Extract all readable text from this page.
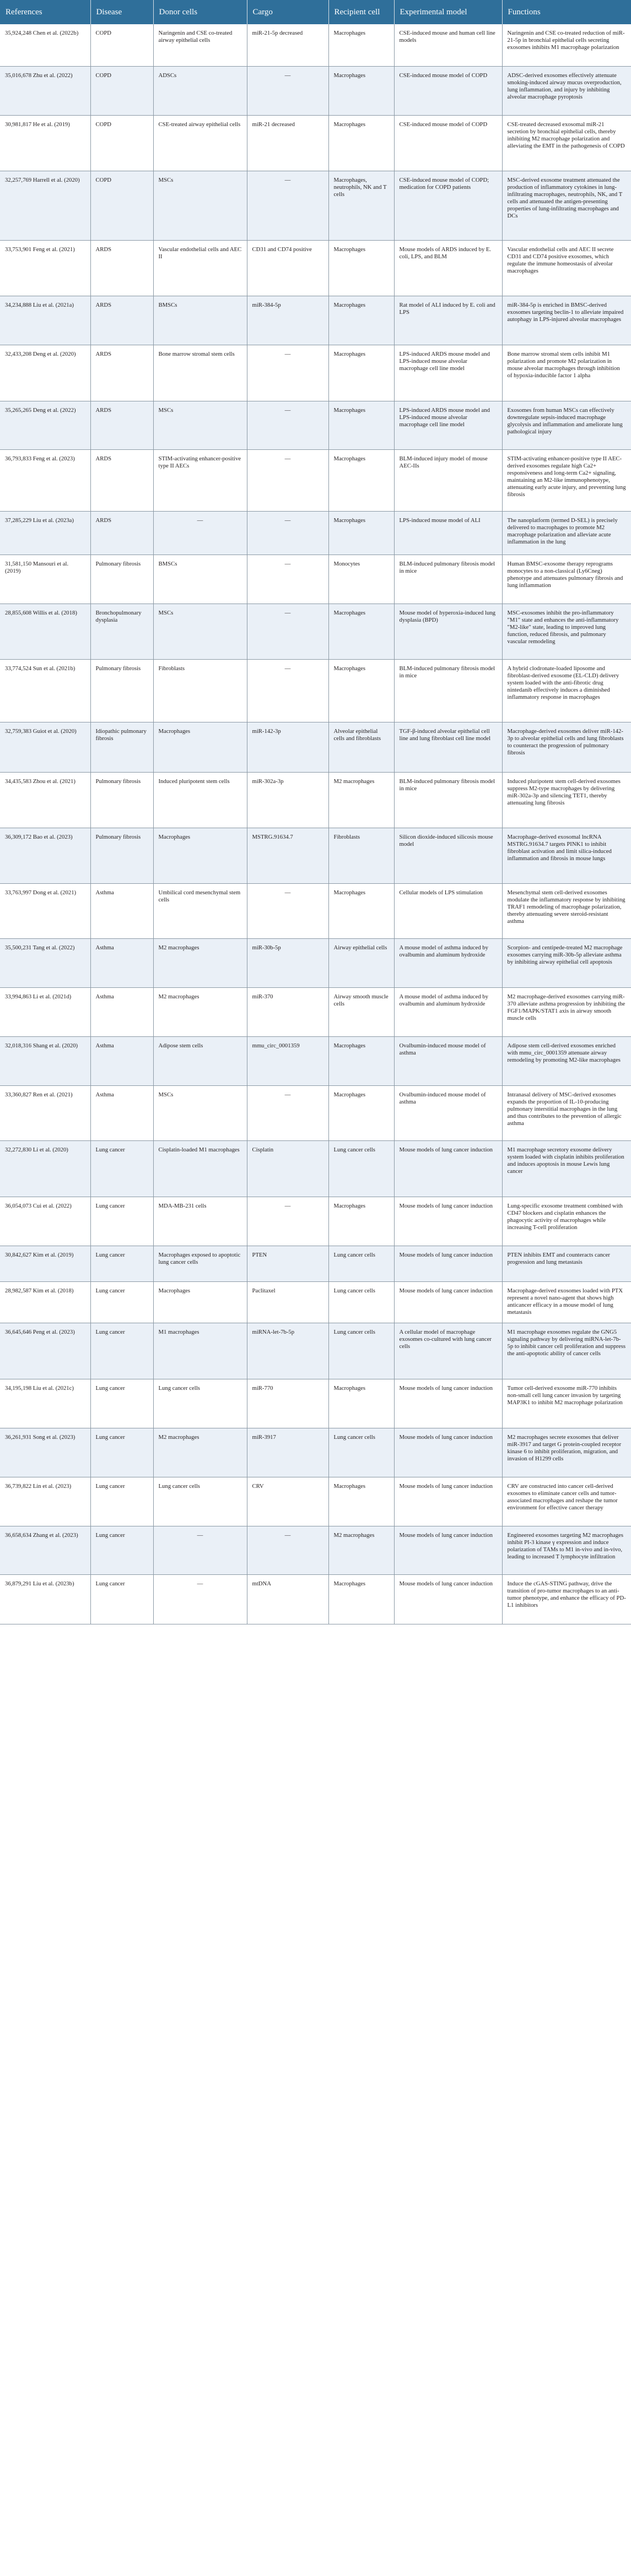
References	Disease	Donor cells	Cargo	Recipient cell	Experimental model	Functions
35,924,248 Chen et al. (2022b)	COPD	Naringenin and CSE co-treated airway epithelial cells	miR-21-5p decreased	Macrophages	CSE-induced mouse and human cell line models	Naringenin and CSE co-treated reduction of miR-21-5p in bronchial epithelial cells secreting exosomes inhibits M1 macrophage polarization
35,016,678 Zhu et al. (2022)	COPD	ADSCs	—	Macrophages	CSE-induced mouse model of COPD	ADSC-derived exosomes effectively attenuate smoking-induced airway mucus overproduction, lung inflammation, and injury by inhibiting alveolar macrophage pyroptosis
30,981,817 He et al. (2019)	COPD	CSE-treated airway epithelial cells	miR-21 decreased	Macrophages	CSE-induced mouse model of COPD	CSE-treated decreased exosomal miR-21 secretion by bronchial epithelial cells, thereby inhibiting M2 macrophage polarization and alleviating the EMT in the pathogenesis of COPD
32,257,769 Harrell et al. (2020)	COPD	MSCs	—	Macrophages, neutrophils, NK and T cells	CSE-induced mouse model of COPD; medication for COPD patients	MSC-derived exosome treatment attenuated the production of inflammatory cytokines in lung-infiltrating macrophages, neutrophils, NK, and T cells and attenuated the antigen-presenting properties of lung-infiltrating macrophages and DCs
33,753,901 Feng et al. (2021)	ARDS	Vascular endothelial cells and AEC II	CD31 and CD74 positive	Macrophages	Mouse models of ARDS induced by E. coli, LPS, and BLM	Vascular endothelial cells and AEC II secrete CD31 and CD74 positive exosomes, which regulate the immune homeostasis of alveolar macrophages
34,234,888 Liu et al. (2021a)	ARDS	BMSCs	miR-384-5p	Macrophages	Rat model of ALI induced by E. coli and LPS	miR-384-5p is enriched in BMSC-derived exosomes targeting beclin-1 to alleviate impaired autophagy in LPS-injured alveolar macrophages
32,433,208 Deng et al. (2020)	ARDS	Bone marrow stromal stem cells	—	Macrophages	LPS-induced ARDS mouse model and LPS-induced mouse alveolar macrophage cell line model	Bone marrow stromal stem cells inhibit M1 polarization and promote M2 polarization in mouse alveolar macrophages through inhibition of hypoxia-inducible factor 1 alpha
35,265,265 Deng et al. (2022)	ARDS	MSCs	—	Macrophages	LPS-induced ARDS mouse model and LPS-induced mouse alveolar macrophage cell line model	Exosomes from human MSCs can effectively downregulate sepsis-induced macrophage glycolysis and inflammation and ameliorate lung pathological injury
36,793,833 Feng et al. (2023)	ARDS	STIM-activating enhancer-positive type II AECs	—	Macrophages	BLM-induced injury model of mouse AEC-IIs	STIM-activating enhancer-positive type II AEC-derived exosomes regulate high Ca2+ responsiveness and long-term Ca2+ signaling, maintaining an M2-like immunophenotype, attenuating early acute injury, and preventing lung fibrosis
37,285,229 Liu et al. (2023a)	ARDS	—	—	Macrophages	LPS-induced mouse model of ALI	The nanoplatform (termed D-SEL) is precisely delivered to macrophages to promote M2 macrophage polarization and alleviate acute inflammation in the lung
31,581,150 Mansouri et al. (2019)	Pulmonary fibrosis	BMSCs	—	Monocytes	BLM-induced pulmonary fibrosis model in mice	Human BMSC-exosome therapy reprograms monocytes to a non-classical (Ly6Cneg) phenotype and attenuates pulmonary fibrosis and lung inflammation
28,855,608 Willis et al. (2018)	Bronchopulmonary dysplasia	MSCs	—	Macrophages	Mouse model of hyperoxia-induced lung dysplasia (BPD)	MSC-exosomes inhibit the pro-inflammatory "M1" state and enhances the anti-inflammatory "M2-like" state, leading to improved lung function, reduced fibrosis, and pulmonary vascular remodeling
33,774,524 Sun et al. (2021b)	Pulmonary fibrosis	Fibroblasts	—	Macrophages	BLM-induced pulmonary fibrosis model in mice	A hybrid clodronate-loaded liposome and fibroblast-derived exosome (EL-CLD) delivery system loaded with the anti-fibrotic drug nintedanib effectively induces a diminished inflammatory response in macrophages
32,759,383 Guiot et al. (2020)	Idiopathic pulmonary fibrosis	Macrophages	miR-142-3p	Alveolar epithelial cells and fibroblasts	TGF-β-induced alveolar epithelial cell line and lung fibroblast cell line model	Macrophage-derived exosomes deliver miR-142-3p to alveolar epithelial cells and lung fibroblasts to counteract the progression of pulmonary fibrosis
34,435,583 Zhou et al. (2021)	Pulmonary fibrosis	Induced pluripotent stem cells	miR-302a-3p	M2 macrophages	BLM-induced pulmonary fibrosis model in mice	Induced pluripotent stem cell-derived exosomes suppress M2-type macrophages by delivering miR-302a-3p and silencing TET1, thereby attenuating lung fibrosis
36,309,172 Bao et al. (2023)	Pulmonary fibrosis	Macrophages	MSTRG.91634.7	Fibroblasts	Silicon dioxide-induced silicosis mouse model	Macrophage-derived exosomal lncRNA MSTRG.91634.7 targets PINK1 to inhibit fibroblast activation and limit silica-induced inflammation and fibrosis in mouse lungs
33,763,997 Dong et al. (2021)	Asthma	Umbilical cord mesenchymal stem cells	—	Macrophages	Cellular models of LPS stimulation	Mesenchymal stem cell-derived exosomes modulate the inflammatory response by inhibiting TRAF1 remodeling of macrophage polarization, thereby attenuating severe steroid-resistant asthma
35,500,231 Tang et al. (2022)	Asthma	M2 macrophages	miR-30b-5p	Airway epithelial cells	A mouse model of asthma induced by ovalbumin and aluminum hydroxide	Scorpion- and centipede-treated M2 macrophage exosomes carrying miR-30b-5p alleviate asthma by inhibiting airway epithelial cell apoptosis
33,994,863 Li et al. (2021d)	Asthma	M2 macrophages	miR-370	Airway smooth muscle cells	A mouse model of asthma induced by ovalbumin and aluminum hydroxide	M2 macrophage-derived exosomes carrying miR-370 alleviate asthma progression by inhibiting the FGF1/MAPK/STAT1 axis in airway smooth muscle cells
32,018,316 Shang et al. (2020)	Asthma	Adipose stem cells	mmu_circ_0001359	Macrophages	Ovalbumin-induced mouse model of asthma	Adipose stem cell-derived exosomes enriched with mmu_circ_0001359 attenuate airway remodeling by promoting M2-like macrophages
33,360,827 Ren et al. (2021)	Asthma	MSCs	—	Macrophages	Ovalbumin-induced mouse model of asthma	Intranasal delivery of MSC-derived exosomes expands the proportion of IL-10-producing pulmonary interstitial macrophages in the lung and thus contributes to the prevention of allergic asthma
32,272,830 Li et al. (2020)	Lung cancer	Cisplatin-loaded M1 macrophages	Cisplatin	Lung cancer cells	Mouse models of lung cancer induction	M1 macrophage secretory exosome delivery system loaded with cisplatin inhibits proliferation and induces apoptosis in mouse Lewis lung cancer
36,054,073 Cui et al. (2022)	Lung cancer	MDA-MB-231 cells	—	Macrophages	Mouse models of lung cancer induction	Lung-specific exosome treatment combined with CD47 blockers and cisplatin enhances the phagocytic activity of macrophages while increasing T-cell proliferation
30,842,627 Kim et al. (2019)	Lung cancer	Macrophages exposed to apoptotic lung cancer cells	PTEN	Lung cancer cells	Mouse models of lung cancer induction	PTEN inhibits EMT and counteracts cancer progression and lung metastasis
28,982,587 Kim et al. (2018)	Lung cancer	Macrophages	Paclitaxel	Lung cancer cells	Mouse models of lung cancer induction	Macrophage-derived exosomes loaded with PTX represent a novel nano-agent that shows high anticancer efficacy in a mouse model of lung metastasis
36,645,646 Peng et al. (2023)	Lung cancer	M1 macrophages	miRNA-let-7b-5p	Lung cancer cells	A cellular model of macrophage exosomes co-cultured with lung cancer cells	M1 macrophage exosomes regulate the GNG5 signaling pathway by delivering miRNA-let-7b-5p to inhibit cancer cell proliferation and suppress the anti-apoptotic ability of cancer cells
34,195,198 Liu et al. (2021c)	Lung cancer	Lung cancer cells	miR-770	Macrophages	Mouse models of lung cancer induction	Tumor cell-derived exosome miR-770 inhibits non-small cell lung cancer invasion by targeting MAP3K1 to inhibit M2 macrophage polarization
36,261,931 Song et al. (2023)	Lung cancer	M2 macrophages	miR-3917	Lung cancer cells	Mouse models of lung cancer induction	M2 macrophages secrete exosomes that deliver miR-3917 and target G protein-coupled receptor kinase 6 to inhibit proliferation, migration, and invasion of H1299 cells
36,739,822 Lin et al. (2023)	Lung cancer	Lung cancer cells	CRV	Macrophages	Mouse models of lung cancer induction	CRV are constructed into cancer cell-derived exosomes to eliminate cancer cells and tumor-associated macrophages and reshape the tumor environment for effective cancer therapy
36,658,634 Zhang et al. (2023)	Lung cancer	—	—	M2 macrophages	Mouse models of lung cancer induction	Engineered exosomes targeting M2 macrophages inhibit PI-3 kinase γ expression and induce polarization of TAMs to M1 in-vivo and in-vivo, leading to increased T lymphocyte infiltration
36,879,291 Liu et al. (2023b)	Lung cancer	—	mtDNA	Macrophages	Mouse models of lung cancer induction	Induce the cGAS-STING pathway, drive the transition of pro-tumor macrophages to an anti-tumor phenotype, and enhance the efficacy of PD-L1 inhibitors
